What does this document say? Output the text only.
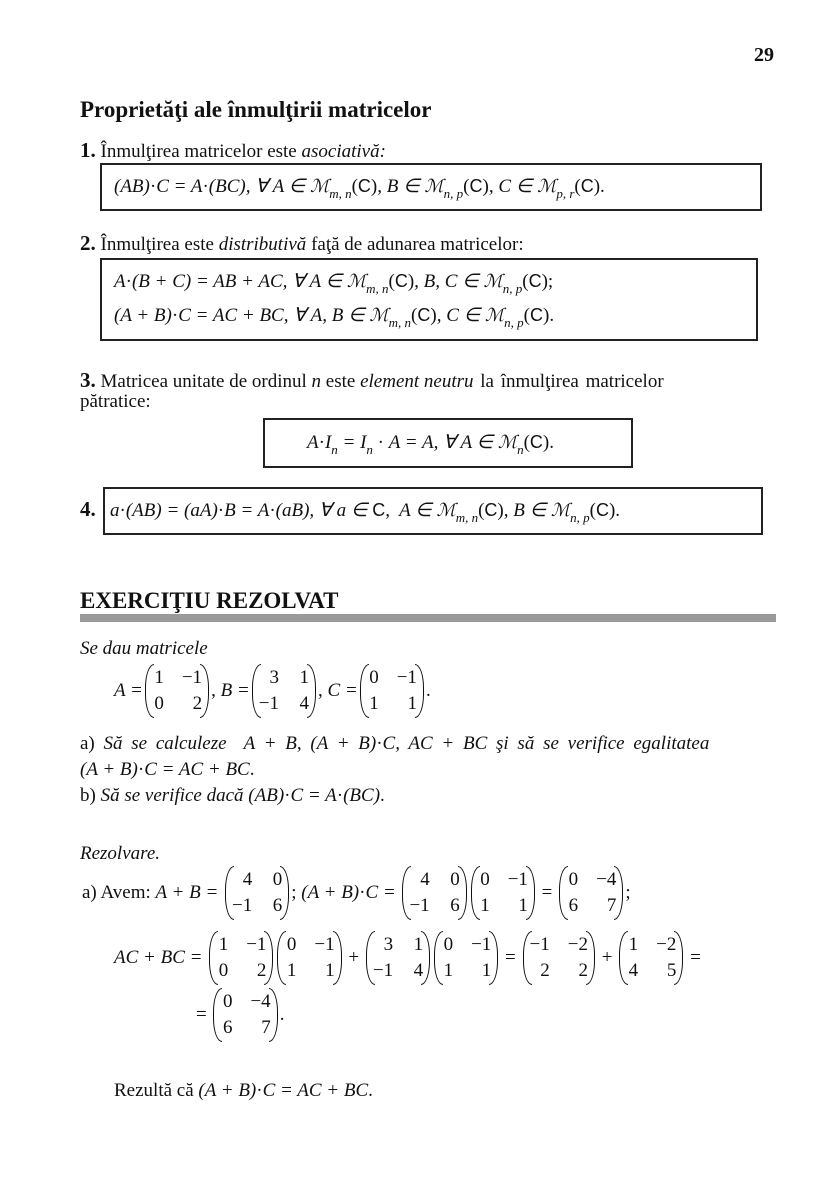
29
Proprietăţi ale înmulţirii matricelor
1. Înmulţirea matricelor este asociativă:
(AB) · C = A · (BC), ∀ A ∈ ℳ m, n ( C ) , B ∈ ℳ n, p ( C ) , C ∈ ℳ p, r ( C ).
2. Înmulţirea este distributivă faţă de adunarea matricelor:
A · (B + C) = AB + AC, ∀ A ∈ ℳ m, n ( C ) , B, C ∈ ℳ n, p ( C );
(A + B) · C = AC + BC, ∀ A, B ∈ ℳ m, n ( C ) , C ∈ ℳ n, p ( C ).
3. Matricea unitate de ordinul n este element neutru la înmulţirea matricelor
pătratice:
A · I n = I n · A = A, ∀ A ∈ ℳ n ( C ).
4. a · (AB) = (aA) · B = A · (aB), ∀ a ∈ C ,  A ∈ ℳ m, n ( C ) , B ∈ ℳ n, p ( C ).
EXERCIŢIU REZOLVAT
Se dau matricele
A =
1 −1
0	2
, B =
3 1
−1 4
, C =
0 −1
1	1
.
a) Să se calculeze  A + B, (A + B) · C, AC + BC şi să se verifice egalitatea
(A + B) · C = AC + BC .
b) Să se verifice dacă (AB) · C = A · (BC) .
Rezolvare.
a) Avem: A + B =
4 0
−1 6
; (A + B) · C =
4 0
−1 6
0 −1
1	1
=
0 −4
6	7
;
AC + BC =
1 −1
0	2
0 −1
1	1
+
3 1
−1 4
0 −1
1	1
=
−1 −2
2	2
+
1 −2
4	5
=
=
0 −4
6	7
.
Rezultă că (A + B) · C = AC + BC .
